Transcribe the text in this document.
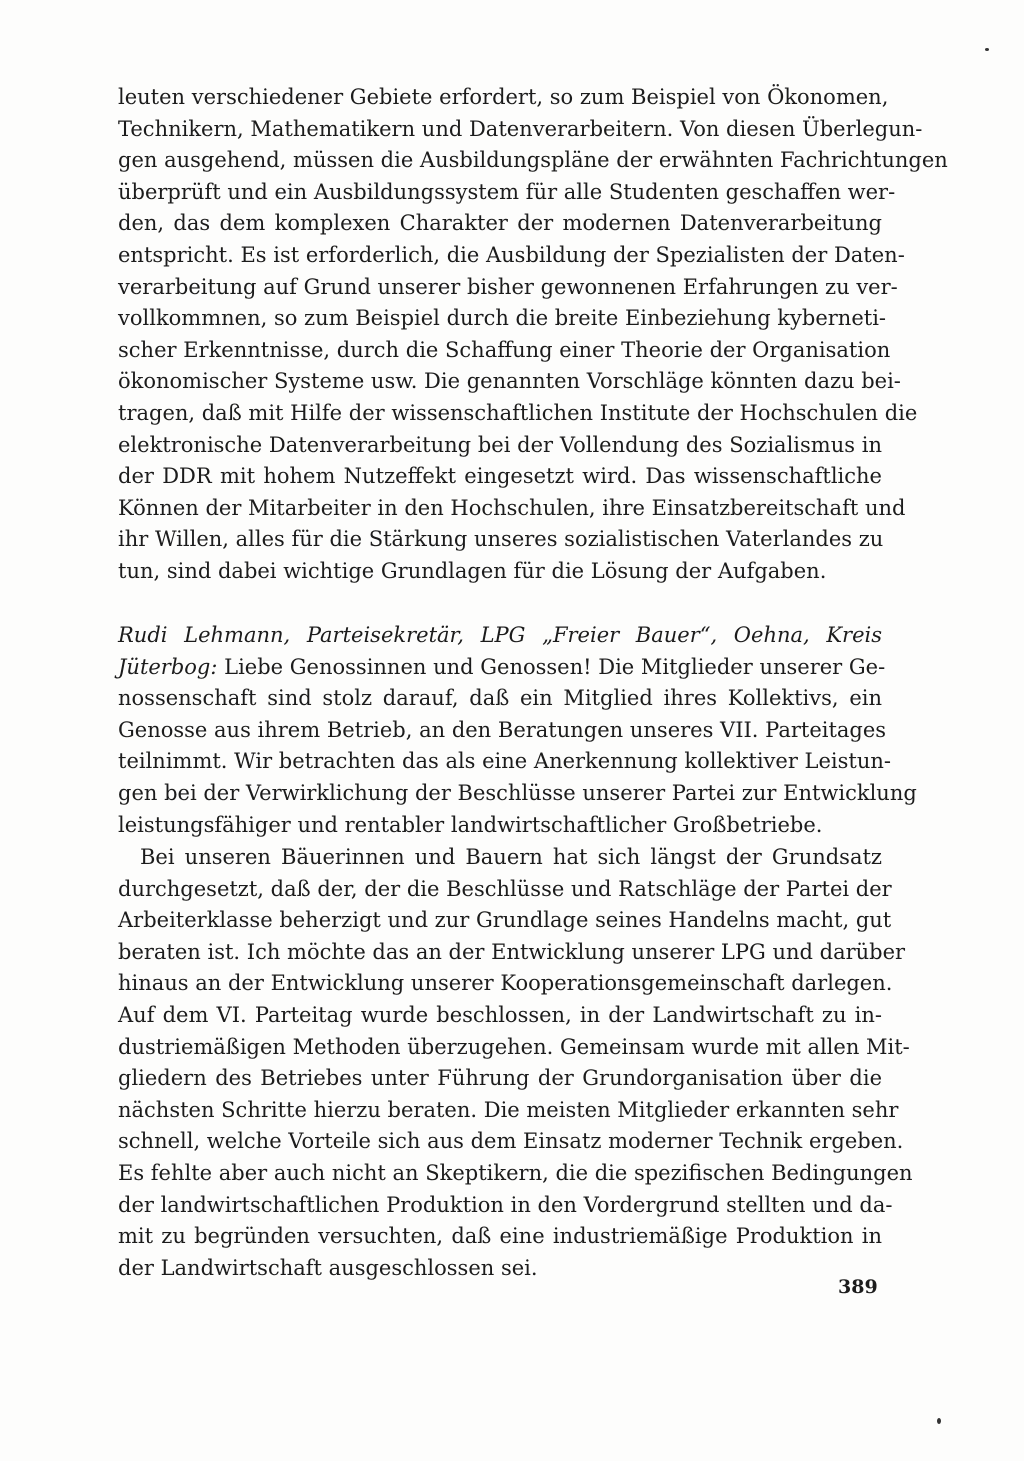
leuten verschiedener Gebiete erfordert, so zum Beispiel von Ökonomen,
Technikern, Mathematikern und Datenverarbeitern. Von diesen Überlegun-
gen ausgehend, müssen die Ausbildungspläne der erwähnten Fachrichtungen
überprüft und ein Ausbildungssystem für alle Studenten geschaffen wer-
den, das dem komplexen Charakter der modernen Datenverarbeitung
entspricht. Es ist erforderlich, die Ausbildung der Spezialisten der Daten-
verarbeitung auf Grund unserer bisher gewonnenen Erfahrungen zu ver-
vollkommnen, so zum Beispiel durch die breite Einbeziehung kyberneti-
scher Erkenntnisse, durch die Schaffung einer Theorie der Organisation
ökonomischer Systeme usw. Die genannten Vorschläge könnten dazu bei-
tragen, daß mit Hilfe der wissenschaftlichen Institute der Hochschulen die
elektronische Datenverarbeitung bei der Vollendung des Sozialismus in
der DDR mit hohem Nutzeffekt eingesetzt wird. Das wissenschaftliche
Können der Mitarbeiter in den Hochschulen, ihre Einsatzbereitschaft und
ihr Willen, alles für die Stärkung unseres sozialistischen Vaterlandes zu
tun, sind dabei wichtige Grundlagen für die Lösung der Aufgaben.
Rudi Lehmann, Parteisekretär, LPG „Freier Bauer“, Oehna, Kreis
Jüterbog: Liebe Genossinnen und Genossen! Die Mitglieder unserer Ge-
nossenschaft sind stolz darauf, daß ein Mitglied ihres Kollektivs, ein
Genosse aus ihrem Betrieb, an den Beratungen unseres VII. Parteitages
teilnimmt. Wir betrachten das als eine Anerkennung kollektiver Leistun-
gen bei der Verwirklichung der Beschlüsse unserer Partei zur Entwicklung
leistungsfähiger und rentabler landwirtschaftlicher Großbetriebe.
Bei unseren Bäuerinnen und Bauern hat sich längst der Grundsatz
durchgesetzt, daß der, der die Beschlüsse und Ratschläge der Partei der
Arbeiterklasse beherzigt und zur Grundlage seines Handelns macht, gut
beraten ist. Ich möchte das an der Entwicklung unserer LPG und darüber
hinaus an der Entwicklung unserer Kooperationsgemeinschaft darlegen.
Auf dem VI. Parteitag wurde beschlossen, in der Landwirtschaft zu in-
dustriemäßigen Methoden überzugehen. Gemeinsam wurde mit allen Mit-
gliedern des Betriebes unter Führung der Grundorganisation über die
nächsten Schritte hierzu beraten. Die meisten Mitglieder erkannten sehr
schnell, welche Vorteile sich aus dem Einsatz moderner Technik ergeben.
Es fehlte aber auch nicht an Skeptikern, die die spezifischen Bedingungen
der landwirtschaftlichen Produktion in den Vordergrund stellten und da-
mit zu begründen versuchten, daß eine industriemäßige Produktion in
der Landwirtschaft ausgeschlossen sei.
389
